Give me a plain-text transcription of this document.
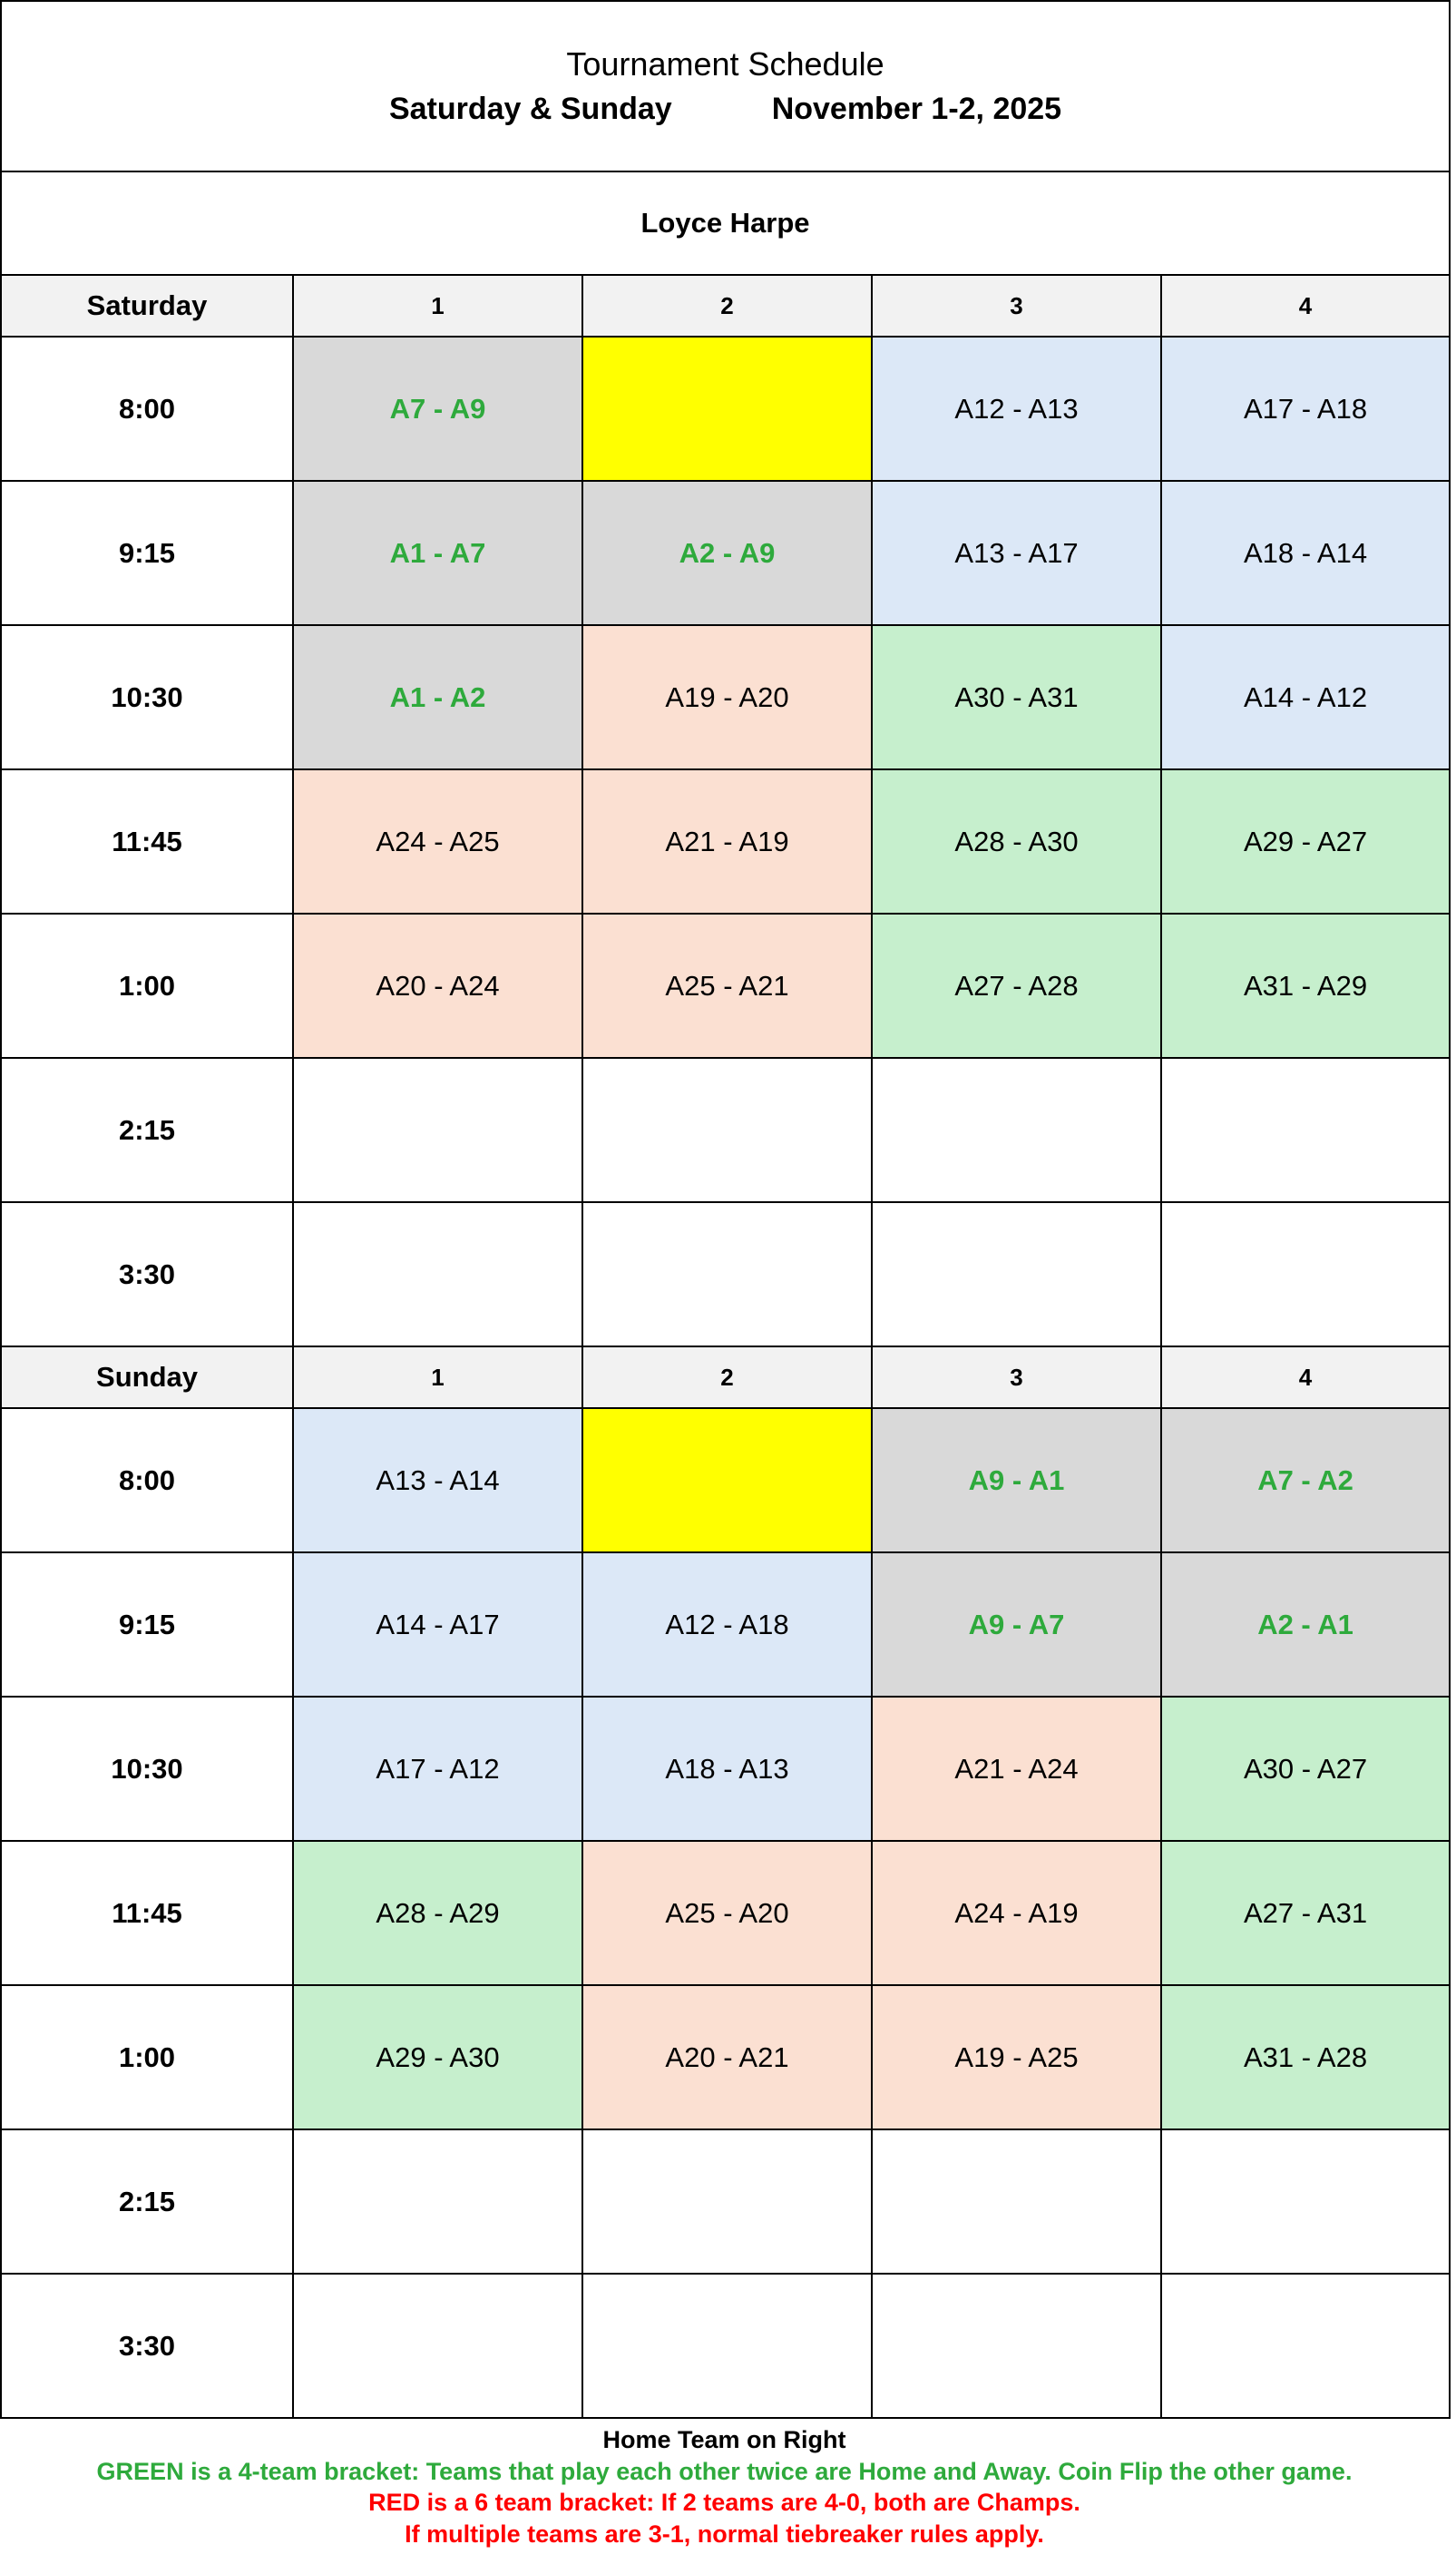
Tournament Schedule
Saturday & Sunday November 1-2, 2025				

Loyce Harpe				
Saturday	1	2	3	4
8:00	A7 - A9		A12 - A13	A17 - A18
9:15	A1 - A7	A2 - A9	A13 - A17	A18 - A14
10:30	A1 - A2	A19 - A20	A30 - A31	A14 - A12
11:45	A24 - A25	A21 - A19	A28 - A30	A29 - A27
1:00	A20 - A24	A25 - A21	A27 - A28	A31 - A29
2:15				
3:30				
Sunday	1	2	3	4
8:00	A13 - A14		A9 - A1	A7 - A2
9:15	A14 - A17	A12 - A18	A9 - A7	A2 - A1
10:30	A17 - A12	A18 - A13	A21 - A24	A30 - A27
11:45	A28 - A29	A25 - A20	A24 - A19	A27 - A31
1:00	A29 - A30	A20 - A21	A19 - A25	A31 - A28
2:15				
3:30				
Home Team on Right
GREEN is a 4-team bracket: Teams that play each other twice are Home and Away. Coin Flip the other game.
RED is a 6 team bracket: If 2 teams are 4-0, both are Champs.
If multiple teams are 3-1, normal tiebreaker rules apply.
